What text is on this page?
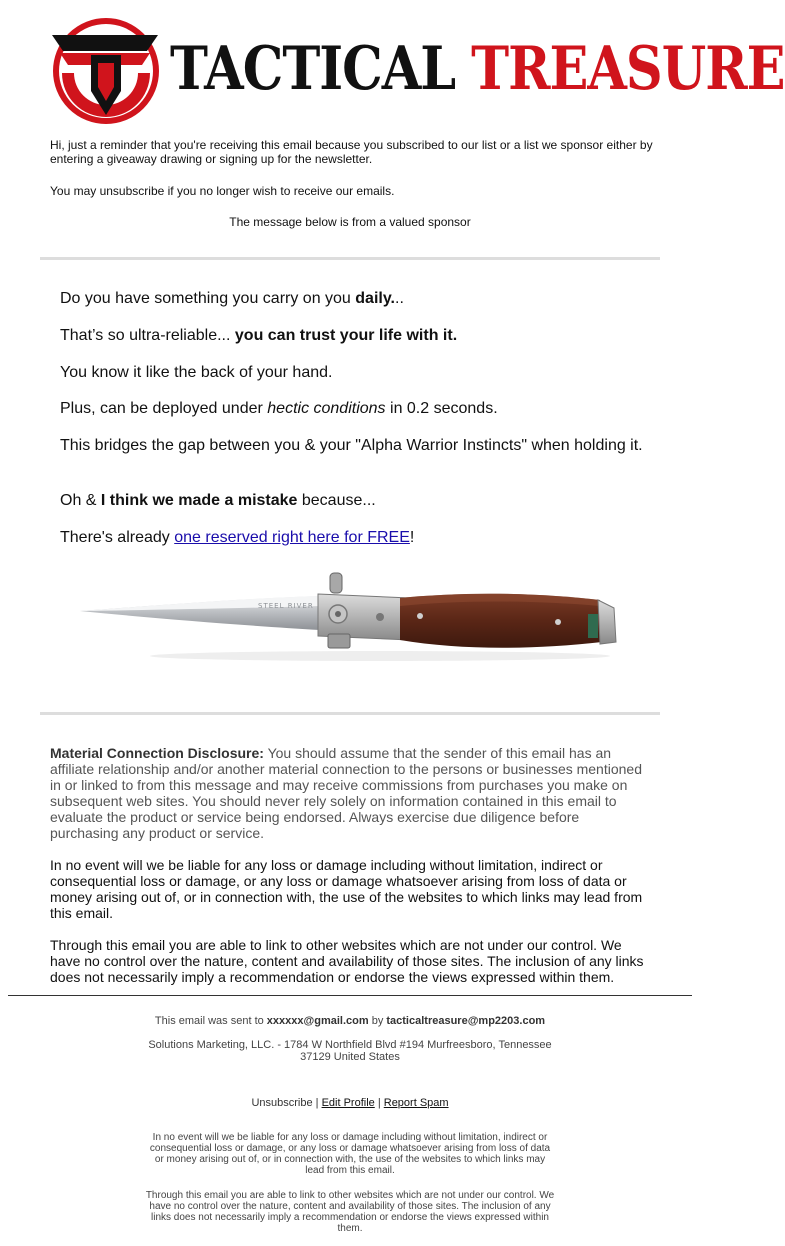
TACTICAL TREASURE

Hi, just a reminder that you're receiving this email because you subscribed to our list or a list we sponsor either by entering a giveaway drawing or signing up for the newsletter.

You may unsubscribe if you no longer wish to receive our emails.

The message below is from a valued sponsor
Do you have something you carry on you daily...
That’s so ultra-reliable... you can trust your life with it.
You know it like the back of your hand.
Plus, can be deployed under hectic conditions in 0.2 seconds.
This bridges the gap between you & your "Alpha Warrior Instincts" when holding it.
Oh & I think we made a mistake because...
There's already one reserved right here for FREE!
STEEL RIVER

Material Connection Disclosure: You should assume that the sender of this email has an affiliate relationship and/or another material connection to the persons or businesses mentioned in or linked to from this message and may receive commissions from purchases you make on subsequent web sites. You should never rely solely on information contained in this email to evaluate the product or service being endorsed. Always exercise due diligence before purchasing any product or service.

In no event will we be liable for any loss or damage including without limitation, indirect or consequential loss or damage, or any loss or damage whatsoever arising from loss of data or money arising out of, or in connection with, the use of the websites to which links may lead from this email.

Through this email you are able to link to other websites which are not under our control. We have no control over the nature, content and availability of those sites. The inclusion of any links does not necessarily imply a recommendation or endorse the views expressed within them.

This email was sent to xxxxxx@gmail.com by tacticaltreasure@mp2203.com
Solutions Marketing, LLC. - 1784 W Northfield Blvd #194 Murfreesboro, Tennessee 37129 United States
Unsubscribe | Edit Profile | Report Spam
In no event will we be liable for any loss or damage including without limitation, indirect or consequential loss or damage, or any loss or damage whatsoever arising from loss of data or money arising out of, or in connection with, the use of the websites to which links may lead from this email.
Through this email you are able to link to other websites which are not under our control. We have no control over the nature, content and availability of those sites. The inclusion of any links does not necessarily imply a recommendation or endorse the views expressed within them.
